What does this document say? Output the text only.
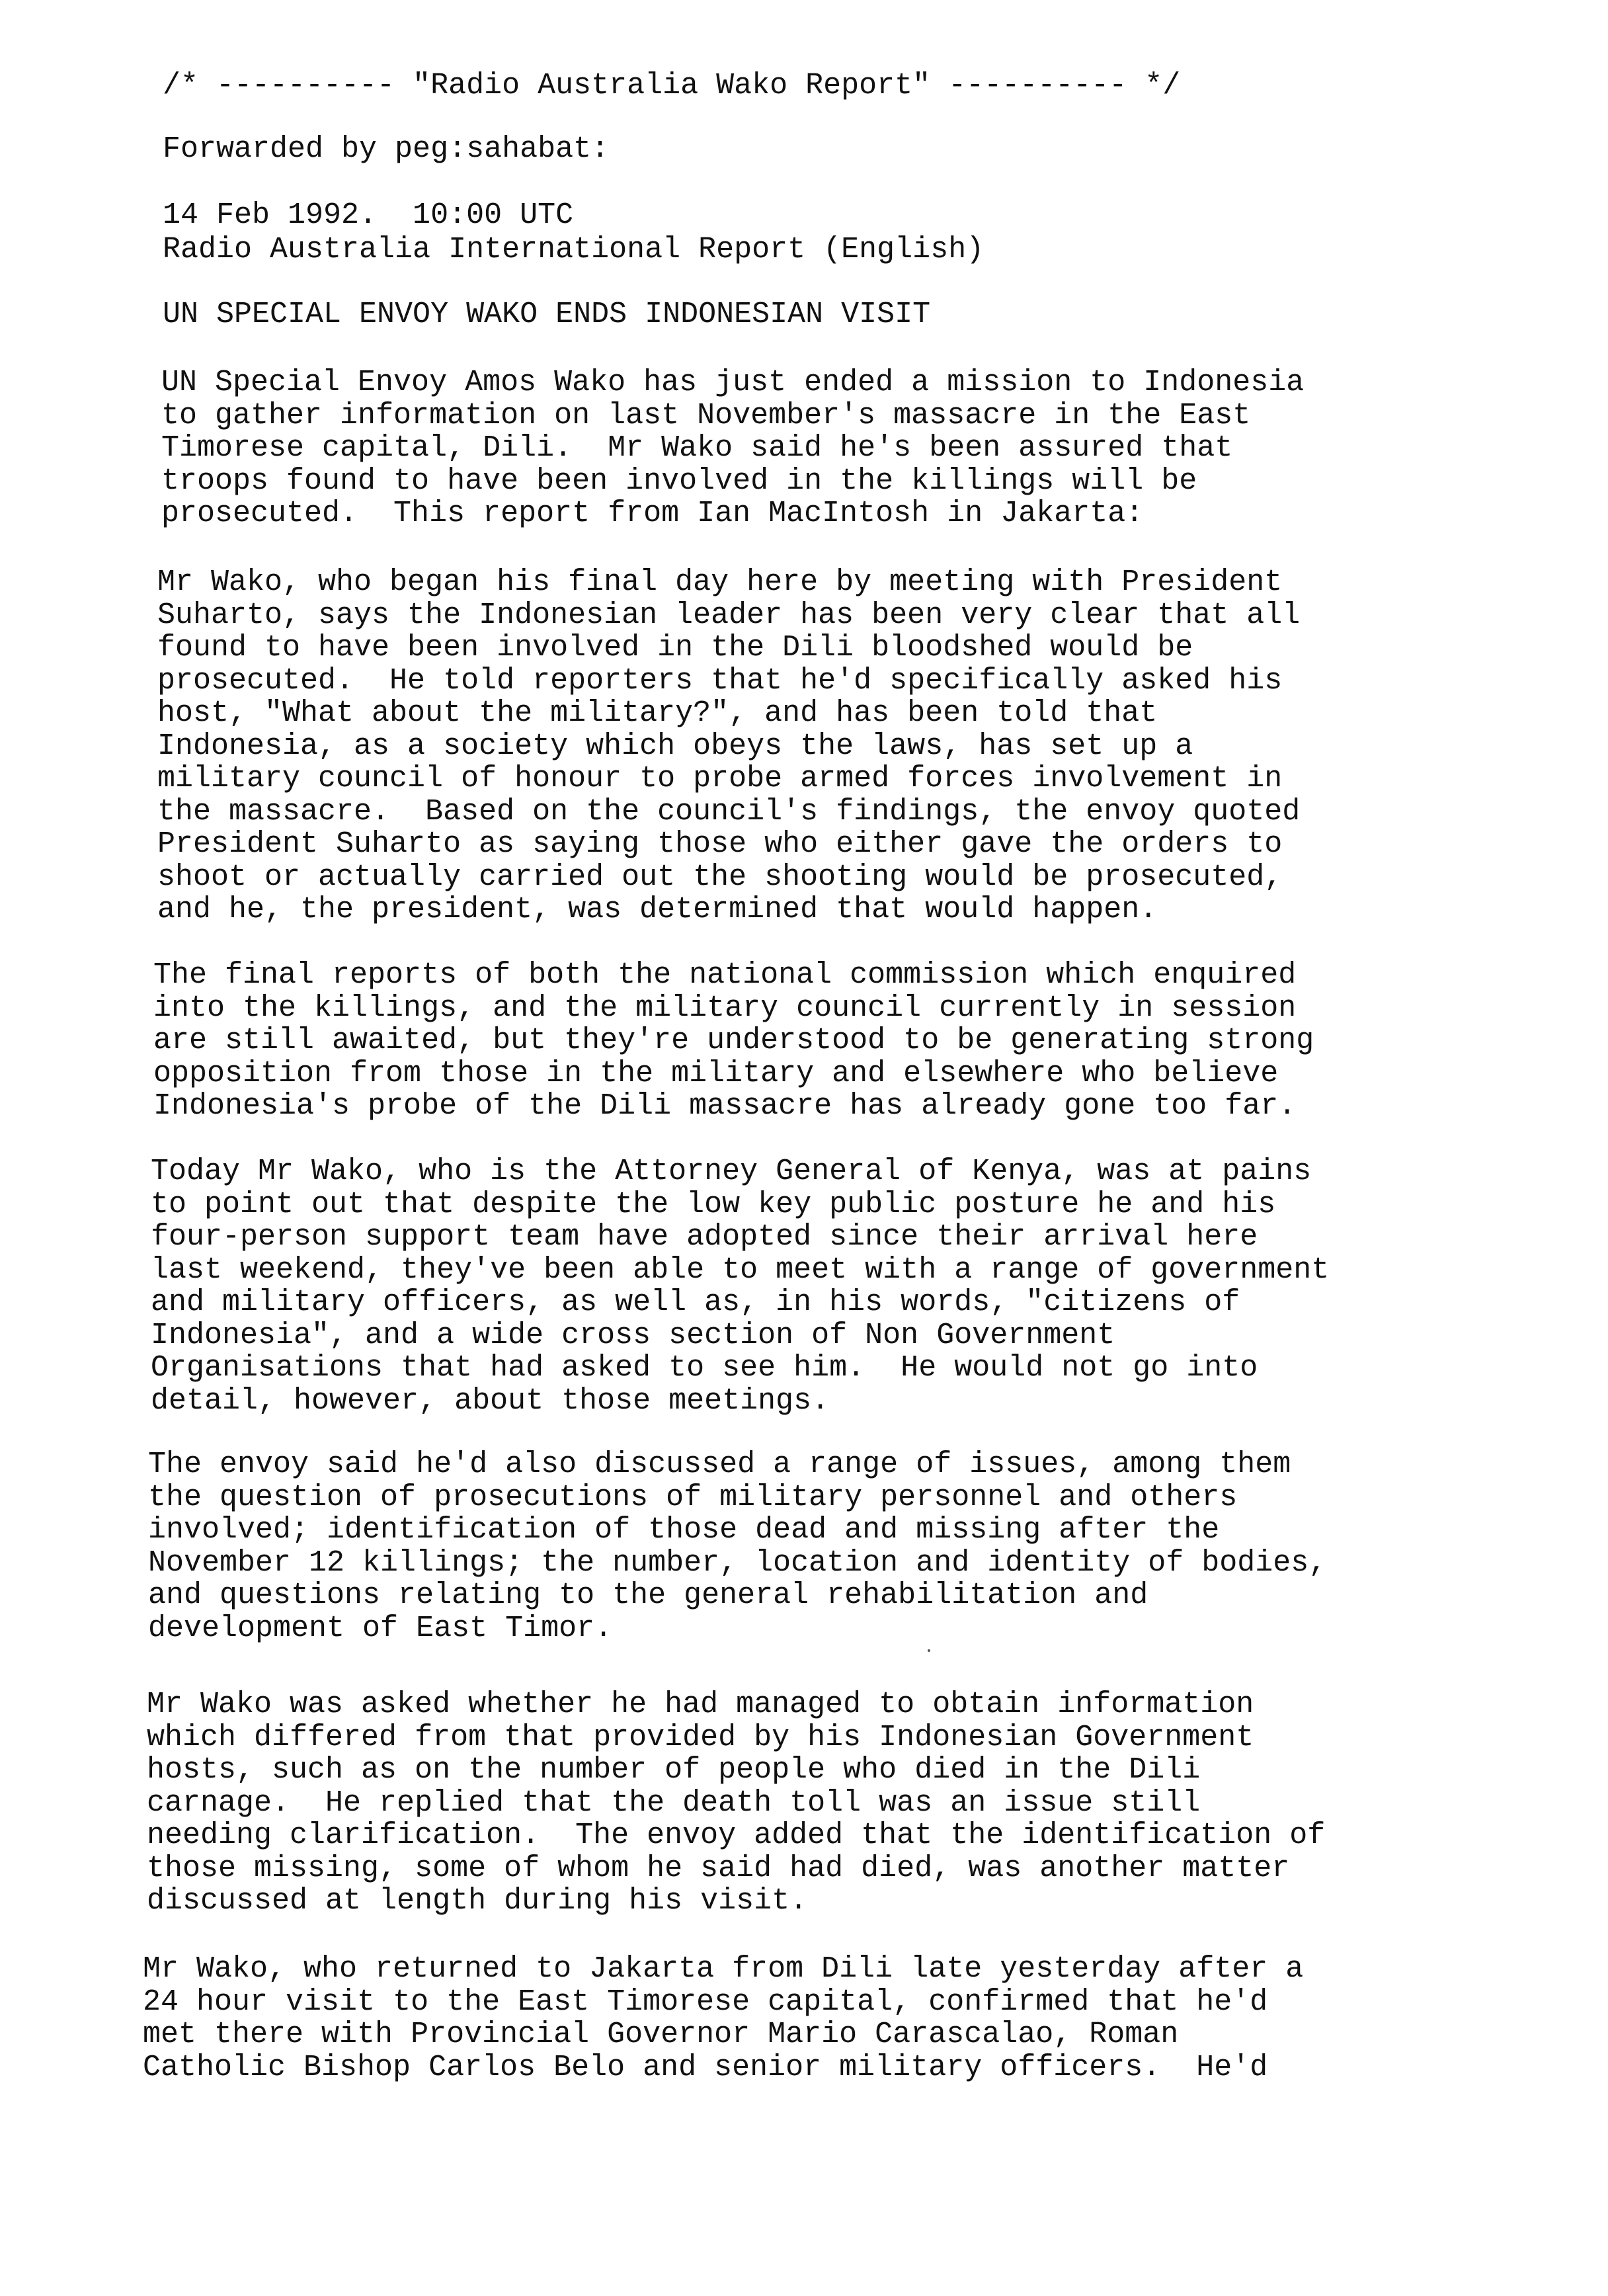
/* ---------- "Radio Australia Wako Report" ---------- */
Forwarded by peg:sahabat:
14 Feb 1992.  10:00 UTC
Radio Australia International Report (English)
UN SPECIAL ENVOY WAKO ENDS INDONESIAN VISIT
UN Special Envoy Amos Wako has just ended a mission to Indonesia
to gather information on last November's massacre in the East
Timorese capital, Dili.  Mr Wako said he's been assured that
troops found to have been involved in the killings will be
prosecuted.  This report from Ian MacIntosh in Jakarta:
Mr Wako, who began his final day here by meeting with President
Suharto, says the Indonesian leader has been very clear that all
found to have been involved in the Dili bloodshed would be
prosecuted.  He told reporters that he'd specifically asked his
host, "What about the military?", and has been told that
Indonesia, as a society which obeys the laws, has set up a
military council of honour to probe armed forces involvement in
the massacre.  Based on the council's findings, the envoy quoted
President Suharto as saying those who either gave the orders to
shoot or actually carried out the shooting would be prosecuted,
and he, the president, was determined that would happen.
The final reports of both the national commission which enquired
into the killings, and the military council currently in session
are still awaited, but they're understood to be generating strong
opposition from those in the military and elsewhere who believe
Indonesia's probe of the Dili massacre has already gone too far.
Today Mr Wako, who is the Attorney General of Kenya, was at pains
to point out that despite the low key public posture he and his
four-person support team have adopted since their arrival here
last weekend, they've been able to meet with a range of government
and military officers, as well as, in his words, "citizens of
Indonesia", and a wide cross section of Non Government
Organisations that had asked to see him.  He would not go into
detail, however, about those meetings.
The envoy said he'd also discussed a range of issues, among them
the question of prosecutions of military personnel and others
involved; identification of those dead and missing after the
November 12 killings; the number, location and identity of bodies,
and questions relating to the general rehabilitation and
development of East Timor.
Mr Wako was asked whether he had managed to obtain information
which differed from that provided by his Indonesian Government
hosts, such as on the number of people who died in the Dili
carnage.  He replied that the death toll was an issue still
needing clarification.  The envoy added that the identification of
those missing, some of whom he said had died, was another matter
discussed at length during his visit.
Mr Wako, who returned to Jakarta from Dili late yesterday after a
24 hour visit to the East Timorese capital, confirmed that he'd
met there with Provincial Governor Mario Carascalao, Roman
Catholic Bishop Carlos Belo and senior military officers.  He'd
